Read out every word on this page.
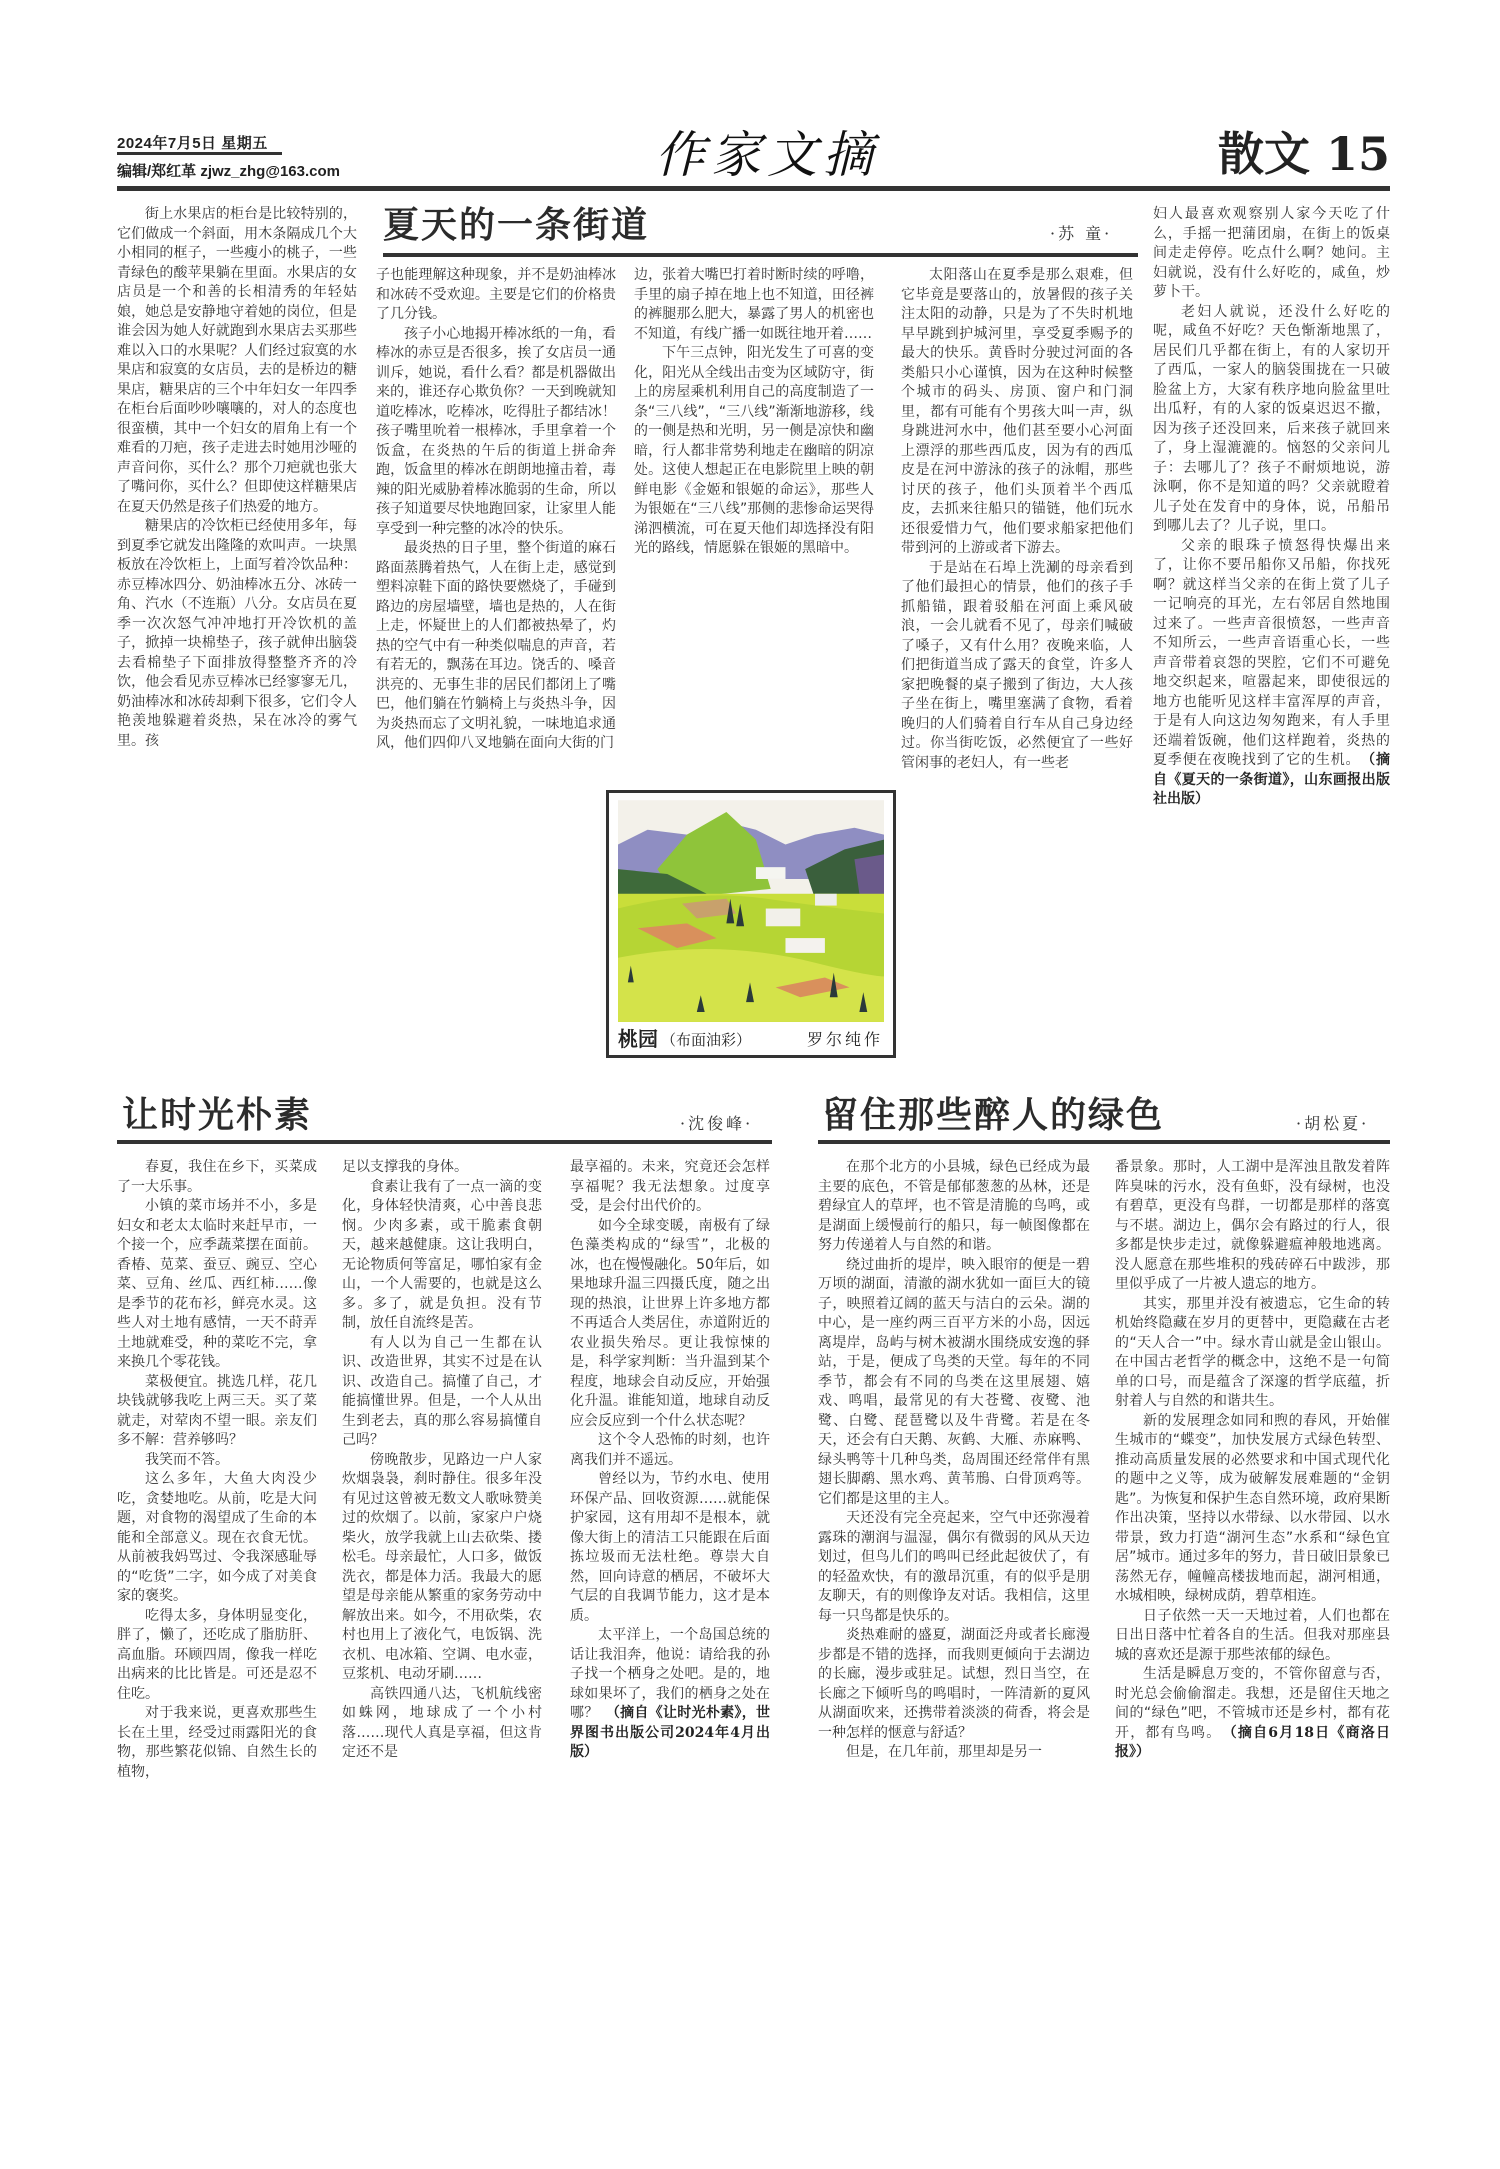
2024年7月5日 星期五
编辑/郑红革 zjwz_zhg@163.com	作家文摘	散文 15
夏天的一条街道	·苏 童·

街上水果店的柜台是比较特别的，它们做成一个斜面，用木条隔成几个大小相同的框子，一些瘦小的桃子，一些青绿色的酸苹果躺在里面。水果店的女店员是一个和善的长相清秀的年轻姑娘，她总是安静地守着她的岗位，但是谁会因为她人好就跑到水果店去买那些难以入口的水果呢？人们经过寂寞的水果店和寂寞的女店员，去的是桥边的糖果店，糖果店的三个中年妇女一年四季在柜台后面吵吵嚷嚷的，对人的态度也很蛮横，其中一个妇女的眉角上有一个难看的刀疤，孩子走进去时她用沙哑的声音问你，买什么？那个刀疤就也张大了嘴问你，买什么？但即使这样糖果店在夏天仍然是孩子们热爱的地方。

糖果店的冷饮柜已经使用多年，每到夏季它就发出隆隆的欢叫声。一块黑板放在冷饮柜上，上面写着冷饮品种：赤豆棒冰四分、奶油棒冰五分、冰砖一角、汽水（不连瓶）八分。女店员在夏季一次次怒气冲冲地打开冷饮机的盖子，掀掉一块棉垫子，孩子就伸出脑袋去看棉垫子下面排放得整整齐齐的冷饮，他会看见赤豆棒冰已经寥寥无几，奶油棒冰和冰砖却剩下很多，它们令人艳羡地躲避着炎热，呆在冰冷的雾气里。孩

子也能理解这种现象，并不是奶油棒冰和冰砖不受欢迎。主要是它们的价格贵了几分钱。

孩子小心地揭开棒冰纸的一角，看棒冰的赤豆是否很多，挨了女店员一通训斥，她说，看什么看？都是机器做出来的，谁还存心欺负你？一天到晚就知道吃棒冰，吃棒冰，吃得肚子都结冰！孩子嘴里吮着一根棒冰，手里拿着一个饭盒，在炎热的午后的街道上拼命奔跑，饭盒里的棒冰在朗朗地撞击着，毒辣的阳光威胁着棒冰脆弱的生命，所以孩子知道要尽快地跑回家，让家里人能享受到一种完整的冰冷的快乐。

最炎热的日子里，整个街道的麻石路面蒸腾着热气，人在街上走，感觉到塑料凉鞋下面的路快要燃烧了，手碰到路边的房屋墙壁，墙也是热的，人在街上走，怀疑世上的人们都被热晕了，灼热的空气中有一种类似喘息的声音，若有若无的，飘荡在耳边。饶舌的、嗓音洪亮的、无事生非的居民们都闭上了嘴巴，他们躺在竹躺椅上与炎热斗争，因为炎热而忘了文明礼貌，一味地追求通风，他们四仰八叉地躺在面向大街的门

边，张着大嘴巴打着时断时续的呼噜，手里的扇子掉在地上也不知道，田径裤的裤腿那么肥大，暴露了男人的机密也不知道，有线广播一如既往地开着……

下午三点钟，阳光发生了可喜的变化，阳光从全线出击变为区域防守，街上的房屋乘机利用自己的高度制造了一条“三八线”，“三八线”渐渐地游移，线的一侧是热和光明，另一侧是凉快和幽暗，行人都非常势利地走在幽暗的阴凉处。这使人想起正在电影院里上映的朝鲜电影《金姬和银姬的命运》，那些人为银姬在“三八线”那侧的悲惨命运哭得涕泗横流，可在夏天他们却选择没有阳光的路线，情愿躲在银姬的黑暗中。

太阳落山在夏季是那么艰难，但它毕竟是要落山的，放暑假的孩子关注太阳的动静，只是为了不失时机地早早跳到护城河里，享受夏季赐予的最大的快乐。黄昏时分驶过河面的各类船只小心谨慎，因为在这种时候整个城市的码头、房顶、窗户和门洞里，都有可能有个男孩大叫一声，纵身跳进河水中，他们甚至要小心河面上漂浮的那些西瓜皮，因为有的西瓜皮是在河中游泳的孩子的泳帽，那些讨厌的孩子，他们头顶着半个西瓜皮，去抓来往船只的锚链，他们玩水还很爱惜力气，他们要求船家把他们带到河的上游或者下游去。

于是站在石埠上洗涮的母亲看到了他们最担心的情景，他们的孩子手抓船锚，跟着驳船在河面上乘风破浪，一会儿就看不见了，母亲们喊破了嗓子，又有什么用？夜晚来临，人们把街道当成了露天的食堂，许多人家把晚餐的桌子搬到了街边，大人孩子坐在街上，嘴里塞满了食物，看着晚归的人们骑着自行车从自己身边经过。你当街吃饭，必然便宜了一些好管闲事的老妇人，有一些老

妇人最喜欢观察别人家今天吃了什么，手摇一把蒲团扇，在街上的饭桌间走走停停。吃点什么啊？她问。主妇就说，没有什么好吃的，咸鱼，炒萝卜干。

老妇人就说，还没什么好吃的呢，咸鱼不好吃？天色惭渐地黑了，居民们几乎都在街上，有的人家切开了西瓜，一家人的脑袋围拢在一只破脸盆上方，大家有秩序地向脸盆里吐出瓜籽，有的人家的饭桌迟迟不撤，因为孩子还没回来，后来孩子就回来了，身上湿漉漉的。恼怒的父亲问儿子：去哪儿了？孩子不耐烦地说，游泳啊，你不是知道的吗？父亲就瞪着儿子处在发育中的身体，说，吊船吊到哪儿去了？儿子说，里口。

父亲的眼珠子愤怒得快爆出来了，让你不要吊船你又吊船，你找死啊？就这样当父亲的在街上赏了儿子一记响亮的耳光，左右邻居自然地围过来了。一些声音很愤怒，一些声音不知所云，一些声音语重心长，一些声音带着哀怨的哭腔，它们不可避免地交织起来，喧嚣起来，即使很远的地方也能听见这样丰富浑厚的声音，于是有人向这边匆匆跑来，有人手里还端着饭碗，他们这样跑着，炎热的夏季便在夜晚找到了它的生机。　（摘自《夏天的一条街道》，山东画报出版社出版）

桃园 （布面油彩）	罗尔纯作
让时光朴素	·沈俊峰·

春夏，我住在乡下，买菜成了一大乐事。

小镇的菜市场并不小，多是妇女和老太太临时来赶早市，一个接一个，应季蔬菜摆在面前。香椿、苋菜、蚕豆、豌豆、空心菜、豆角、丝瓜、西红柿……像是季节的花布衫，鲜亮水灵。这些人对土地有感情，一天不莳弄土地就难受，种的菜吃不完，拿来换几个零花钱。

菜极便宜。挑选几样，花几块钱就够我吃上两三天。买了菜就走，对荤肉不望一眼。亲友们多不解：营养够吗？

我笑而不答。

这么多年，大鱼大肉没少吃，贪婪地吃。从前，吃是大问题，对食物的渴望成了生命的本能和全部意义。现在衣食无忧。从前被我妈骂过、令我深感耻辱的“吃货”二字，如今成了对美食家的褒奖。

吃得太多，身体明显变化，胖了，懒了，还吃成了脂肪肝、高血脂。环顾四周，像我一样吃出病来的比比皆是。可还是忍不住吃。

对于我来说，更喜欢那些生长在土里，经受过雨露阳光的食物，那些繁花似锦、自然生长的植物，

足以支撑我的身体。

食素让我有了一点一滴的变化，身体轻快清爽，心中善良悲悯。少肉多素，或干脆素食朝天，越来越健康。这让我明白，无论物质何等富足，哪怕家有金山，一个人需要的，也就是这么多。多了，就是负担。没有节制，放任自流终是苦。

有人以为自己一生都在认识、改造世界，其实不过是在认识、改造自己。搞懂了自己，才能搞懂世界。但是，一个人从出生到老去，真的那么容易搞懂自己吗？

傍晚散步，见路边一户人家炊烟袅袅，刹时静住。很多年没有见过这曾被无数文人歌咏赞美过的炊烟了。以前，家家户户烧柴火，放学我就上山去砍柴、搂松毛。母亲最忙，人口多，做饭洗衣，都是体力活。我最大的愿望是母亲能从繁重的家务劳动中解放出来。如今，不用砍柴，农村也用上了液化气，电饭锅、洗衣机、电冰箱、空调、电水壶，豆浆机、电动牙刷……

高铁四通八达，飞机航线密如蛛网，地球成了一个小村落……现代人真是享福，但这肯定还不是

最享福的。未来，究竟还会怎样享福呢？我无法想象。过度享受，是会付出代价的。

如今全球变暖，南极有了绿色藻类构成的“绿雪”，北极的冰，也在慢慢融化。50年后，如果地球升温三四摄氏度，随之出现的热浪，让世界上许多地方都不再适合人类居住，赤道附近的农业损失殆尽。更让我惊悚的是，科学家判断：当升温到某个程度，地球会自动反应，开始强化升温。谁能知道，地球自动反应会反应到一个什么状态呢？

这个令人恐怖的时刻，也许离我们并不遥远。

曾经以为，节约水电、使用环保产品、回收资源……就能保护家园，这有用却不是根本，就像大街上的清洁工只能跟在后面拣垃圾而无法杜绝。尊崇大自然，回向诗意的栖居，不破坏大气层的自我调节能力，这才是本质。

太平洋上，一个岛国总统的话让我泪奔，他说：请给我的孙子找一个栖身之处吧。是的，地球如果坏了，我们的栖身之处在哪？　（摘自《让时光朴素》，世界图书出版公司2024年4月出版）

留住那些醉人的绿色	·胡松夏·

在那个北方的小县城，绿色已经成为最主要的底色，不管是郁郁葱葱的丛林，还是碧绿宜人的草坪，也不管是清脆的鸟鸣，或是湖面上缓慢前行的船只，每一帧图像都在努力传递着人与自然的和谐。

绕过曲折的堤岸，映入眼帘的便是一碧万顷的湖面，清澈的湖水犹如一面巨大的镜子，映照着辽阔的蓝天与洁白的云朵。湖的中心，是一座约两三百平方米的小岛，因远离堤岸，岛屿与树木被湖水围绕成安逸的驿站，于是，便成了鸟类的天堂。每年的不同季节，都会有不同的鸟类在这里展翅、嬉戏、鸣唱，最常见的有大苍鹭、夜鹭、池鹭、白鹭、琵琶鹭以及牛背鹭。若是在冬天，还会有白天鹅、灰鹤、大雁、赤麻鸭、绿头鸭等十几种鸟类，岛周围还经常伴有黑翅长脚鹬、黑水鸡、黄苇鳽、白骨顶鸡等。它们都是这里的主人。

天还没有完全亮起来，空气中还弥漫着露珠的潮润与温湿，偶尔有微弱的风从天边划过，但鸟儿们的鸣叫已经此起彼伏了，有的轻盈欢快，有的激昂沉重，有的似乎是朋友聊天，有的则像诤友对话。我相信，这里每一只鸟都是快乐的。

炎热难耐的盛夏，湖面泛舟或者长廊漫步都是不错的选择，而我则更倾向于去湖边的长廊，漫步或驻足。试想，烈日当空，在长廊之下倾听鸟的鸣唱时，一阵清新的夏风从湖面吹来，还携带着淡淡的荷香，将会是一种怎样的惬意与舒适？

但是，在几年前，那里却是另一

番景象。那时，人工湖中是浑浊且散发着阵阵臭味的污水，没有鱼虾，没有绿树，也没有碧草，更没有鸟群，一切都是那样的落寞与不堪。湖边上，偶尔会有路过的行人，很多都是快步走过，就像躲避瘟神般地逃离。没人愿意在那些堆积的残砖碎石中跋涉，那里似乎成了一片被人遗忘的地方。

其实，那里并没有被遗忘，它生命的转机始终隐藏在岁月的更替中，更隐藏在古老的“天人合一”中。绿水青山就是金山银山。在中国古老哲学的概念中，这绝不是一句简单的口号，而是蕴含了深邃的哲学底蕴，折射着人与自然的和谐共生。

新的发展理念如同和煦的春风，开始催生城市的“蝶变”，加快发展方式绿色转型、推动高质量发展的必然要求和中国式现代化的题中之义等，成为破解发展难题的“金钥匙”。为恢复和保护生态自然环境，政府果断作出决策，坚持以水带绿、以水带园、以水带景，致力打造“湖河生态”水系和“绿色宜居”城市。通过多年的努力，昔日破旧景象已荡然无存，幢幢高楼拔地而起，湖河相通，水城相映，绿树成荫，碧草相连。

日子依然一天一天地过着，人们也都在日出日落中忙着各自的生活。但我对那座县城的喜欢还是源于那些浓郁的绿色。

生活是瞬息万变的，不管你留意与否，时光总会偷偷溜走。我想，还是留住天地之间的“绿色”吧，不管城市还是乡村，都有花开，都有鸟鸣。　（摘自6月18日《商洛日报》）
